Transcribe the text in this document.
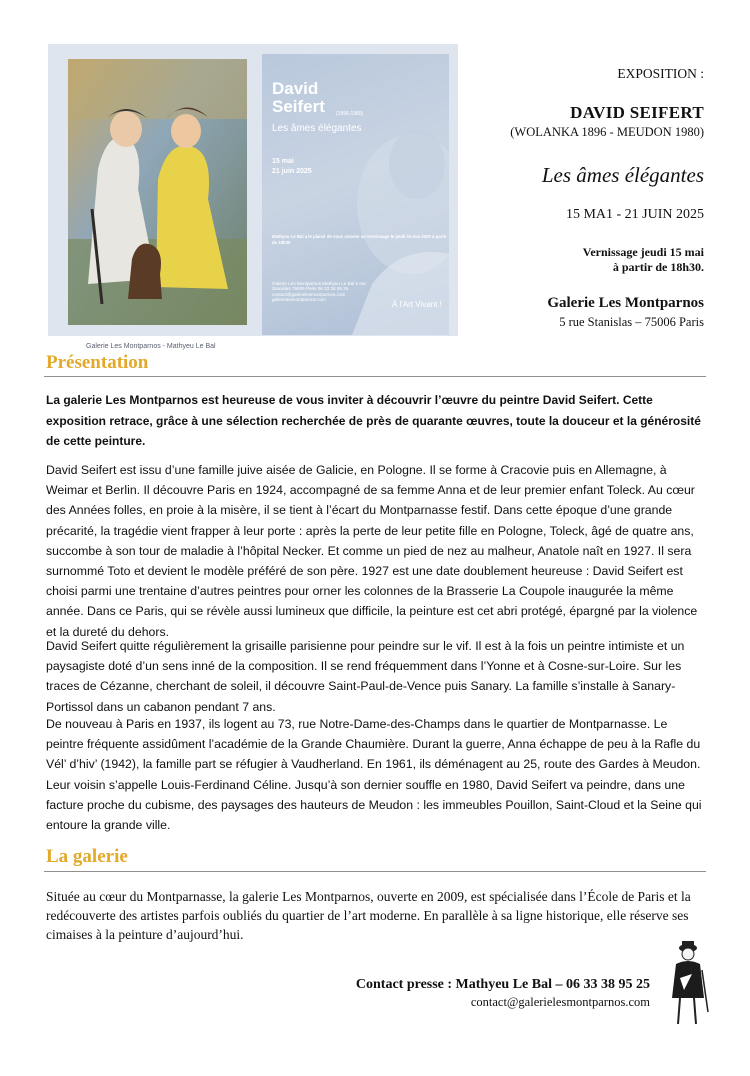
Galerie Les Montparnos - Mathyeu Le Bal
David
Seifert (1896-1980)
Les âmes élégantes
15 mai
21 juin 2025
Mathyeu Le Bal a le plaisir de vous convier au vernissage le jeudi 15 mai 2025 à partir de 18h30
Galerie Les Montparnos Mathyeu Le Bal 5 rue Stanislas 75006 Paris 06 33 38 95 25 contact@galerielesmontparnos.com galerielesmontparnos.com
À l'Art Vivant !
EXPOSITION :
DAVID SEIFERT
(WOLANKA 1896 - MEUDON 1980)
Les âmes élégantes
15 MA1 - 21 JUIN 2025
Vernissage jeudi 15 mai
à partir de 18h30.
Galerie Les Montparnos
5 rue Stanislas – 75006 Paris
Présentation
La galerie Les Montparnos est heureuse de vous inviter à découvrir l’œuvre du peintre David Seifert. Cette exposition retrace, grâce à une sélection recherchée de près de quarante œuvres, toute la douceur et la générosité de cette peinture.
David Seifert est issu d’une famille juive aisée de Galicie, en Pologne. Il se forme à Cracovie puis en Allemagne, à Weimar et Berlin. Il découvre Paris en 1924, accompagné de sa femme Anna et de leur premier enfant Toleck. Au cœur des Années folles, en proie à la misère, il se tient à l’écart du Montparnasse festif. Dans cette époque d’une grande précarité, la tragédie vient frapper à leur porte : après la perte de leur petite fille en Pologne, Toleck, âgé de quatre ans, succombe à son tour de maladie à l’hôpital Necker. Et comme un pied de nez au malheur, Anatole naît en 1927. Il sera surnommé Toto et devient le modèle préféré de son père. 1927 est une date doublement heureuse : David Seifert est choisi parmi une trentaine d’autres peintres pour orner les colonnes de la Brasserie La Coupole inaugurée la même année. Dans ce Paris, qui se révèle aussi lumineux que difficile, la peinture est cet abri protégé, épargné par la violence et la dureté du dehors.
David Seifert quitte régulièrement la grisaille parisienne pour peindre sur le vif. Il est à la fois un peintre intimiste et un paysagiste doté d’un sens inné de la composition. Il se rend fréquemment dans l’Yonne et à Cosne-sur-Loire. Sur les traces de Cézanne, cherchant de soleil, il découvre Saint-Paul-de-Vence puis Sanary. La famille s’installe à Sanary-Portissol dans un cabanon pendant 7 ans.
De nouveau à Paris en 1937, ils logent au 73, rue Notre-Dame-des-Champs dans le quartier de Montparnasse. Le peintre fréquente assidûment l’académie de la Grande Chaumière. Durant la guerre, Anna échappe de peu à la Rafle du Vél’ d’hiv’ (1942), la famille part se réfugier à Vaudherland. En 1961, ils déménagent au 25, route des Gardes à Meudon. Leur voisin s’appelle Louis-Ferdinand Céline. Jusqu’à son dernier souffle en 1980, David Seifert va peindre, dans une facture proche du cubisme, des paysages des hauteurs de Meudon : les immeubles Pouillon, Saint-Cloud et la Seine qui entoure la grande ville.
La galerie
Située au cœur du Montparnasse, la galerie Les Montparnos, ouverte en 2009, est spécialisée dans l’École de Paris et la redécouverte des artistes parfois oubliés du quartier de l’art moderne. En parallèle à sa ligne historique, elle réserve ses cimaises à la peinture d’aujourd’hui.
Contact presse : Mathyeu Le Bal – 06 33 38 95 25
contact@galerielesmontparnos.com
